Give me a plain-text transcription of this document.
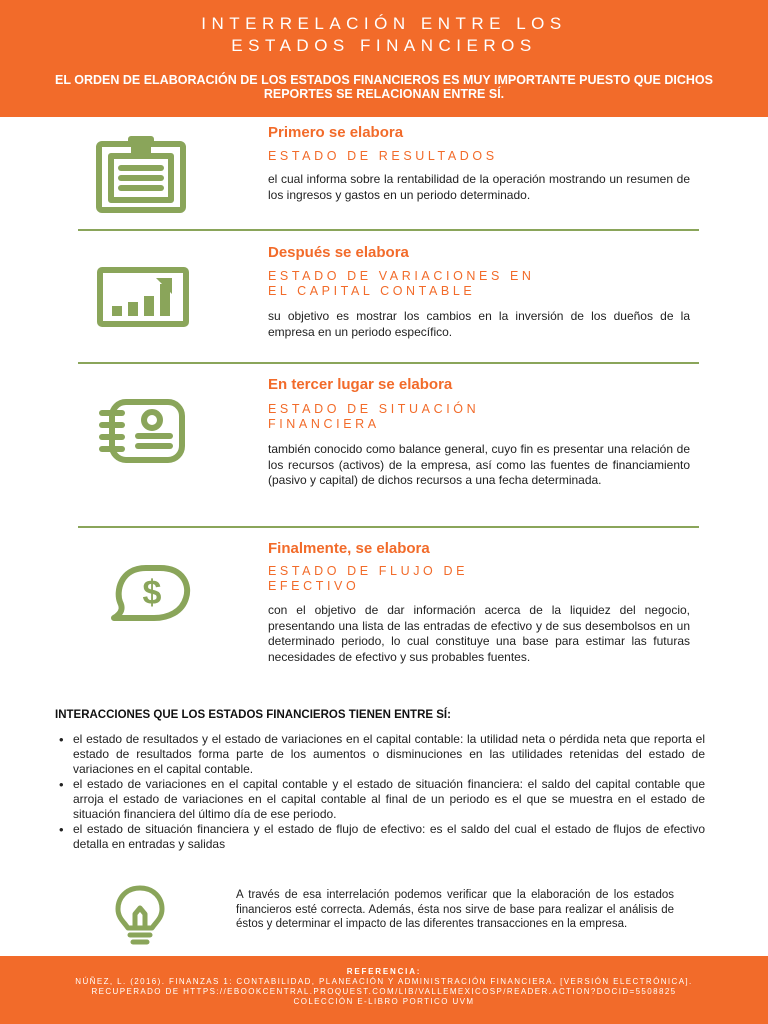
INTERRELACIÓN ENTRE LOS
ESTADOS FINANCIEROS
EL ORDEN DE ELABORACIÓN DE LOS ESTADOS FINANCIEROS ES MUY IMPORTANTE PUESTO QUE DICHOS REPORTES SE RELACIONAN ENTRE SÍ.
Primero se elabora
ESTADO DE RESULTADOS
el cual informa sobre la rentabilidad de la operación mostrando un resumen de los ingresos y gastos en un periodo determinado.
Después se elabora
ESTADO DE VARIACIONES EN
EL CAPITAL CONTABLE
su objetivo es mostrar los cambios en la inversión de los dueños de la empresa en un periodo específico.
En tercer lugar se elabora
ESTADO DE SITUACIÓN
FINANCIERA
también conocido como balance general, cuyo fin es presentar una relación de los recursos (activos) de la empresa, así como las fuentes de financiamiento (pasivo y capital) de dichos recursos a una fecha determinada.
$
Finalmente, se elabora
ESTADO DE FLUJO DE
EFECTIVO
con el objetivo de dar información acerca de la liquidez del negocio, presentando una lista de las entradas de efectivo y de sus desembolsos en un determinado periodo, lo cual constituye una base para estimar las futuras necesidades de efectivo y sus probables fuentes.
INTERACCIONES QUE LOS ESTADOS FINANCIEROS TIENEN ENTRE SÍ:
• el estado de resultados y el estado de variaciones en el capital contable: la utilidad neta o pérdida neta que reporta el estado de resultados forma parte de los aumentos o disminuciones en las utilidades retenidas del estado de variaciones en el capital contable.
• el estado de variaciones en el capital contable y el estado de situación financiera: el saldo del capital contable que arroja el estado de variaciones en el capital contable al final de un periodo es el que se muestra en el estado de situación financiera del último día de ese periodo.
• el estado de situación financiera y el estado de flujo de efectivo: es el saldo del cual el estado de flujos de efectivo detalla en entradas y salidas
A través de esa interrelación podemos verificar que la elaboración de los estados financieros esté correcta. Además, ésta nos sirve de base para realizar el análisis de éstos y determinar el impacto de las diferentes transacciones en la empresa.
REFERENCIA:
NÚÑEZ, L. (2016). FINANZAS 1: CONTABILIDAD, PLANEACIÓN Y ADMINISTRACIÓN FINANCIERA. [VERSIÓN ELECTRÓNICA]. RECUPERADO DE HTTPS://EBOOKCENTRAL.PROQUEST.COM/LIB/VALLEMEXICOSP/READER.ACTION?DOCID=5508825 COLECCIÓN E-LIBRO PORTICO UVM
